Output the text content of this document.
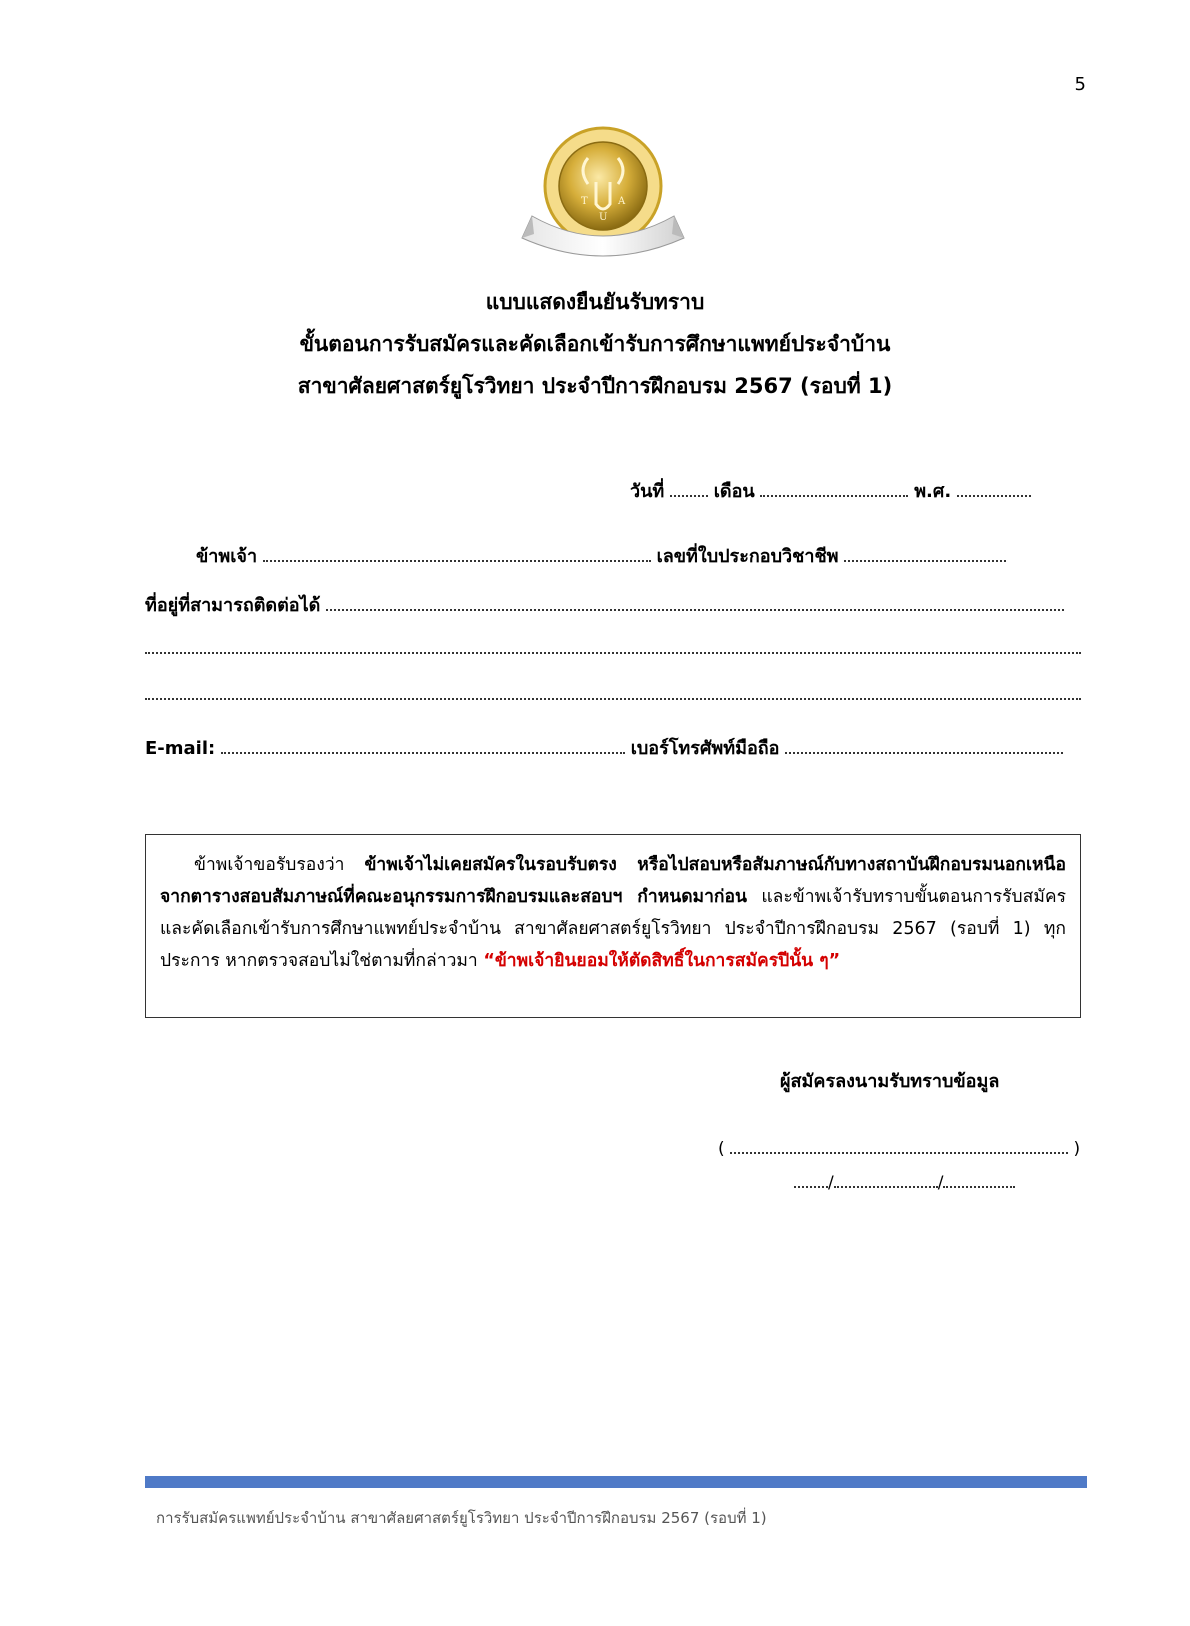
5
T
U
A
แบบแสดงยืนยันรับทราบ
ขั้นตอนการรับสมัครและคัดเลือกเข้ารับการศึกษาแพทย์ประจำบ้าน
สาขาศัลยศาสตร์ยูโรวิทยา ประจำปีการฝึกอบรม 2567 (รอบที่ 1)
วันที่	เดือน	พ.ศ.
ข้าพเจ้า	เลขที่ใบประกอบวิชาชีพ
ที่อยู่ที่สามารถติดต่อได้
E-mail:	เบอร์โทรศัพท์มือถือ

ข้าพเจ้าขอรับรองว่า ข้าพเจ้าไม่เคยสมัครในรอบรับตรง หรือไปสอบหรือสัมภาษณ์กับทางสถาบันฝึกอบรมนอกเหนือจากตารางสอบสัมภาษณ์ที่คณะอนุกรรมการฝึกอบรมและสอบฯ กำหนดมาก่อน และข้าพเจ้ารับทราบขั้นตอนการรับสมัครและคัดเลือกเข้ารับการศึกษาแพทย์ประจำบ้าน สาขาศัลยศาสตร์ยูโรวิทยา ประจำปีการฝึกอบรม 2567 (รอบที่ 1) ทุกประการ หากตรวจสอบไม่ใช่ตามที่กล่าวมา “ข้าพเจ้ายินยอมให้ตัดสิทธิ์ในการสมัครปีนั้น ๆ”

ผู้สมัครลงนามรับทราบข้อมูล
(	)
/	/
การรับสมัครแพทย์ประจำบ้าน สาขาศัลยศาสตร์ยูโรวิทยา ประจำปีการฝึกอบรม 2567 (รอบที่ 1)
